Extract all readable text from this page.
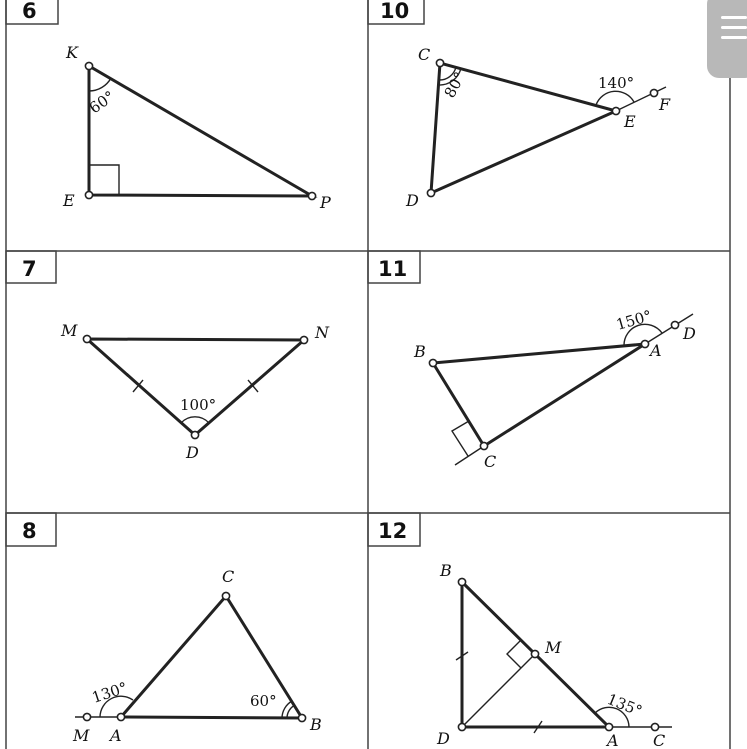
6
K
E	P
60°
10
C
D
E
F
80°	140°
7
M	N
D
100°
11
B
C
A
D
150°
8
C
M A
B
130°	60°
12
B
M
D	A C
135°
